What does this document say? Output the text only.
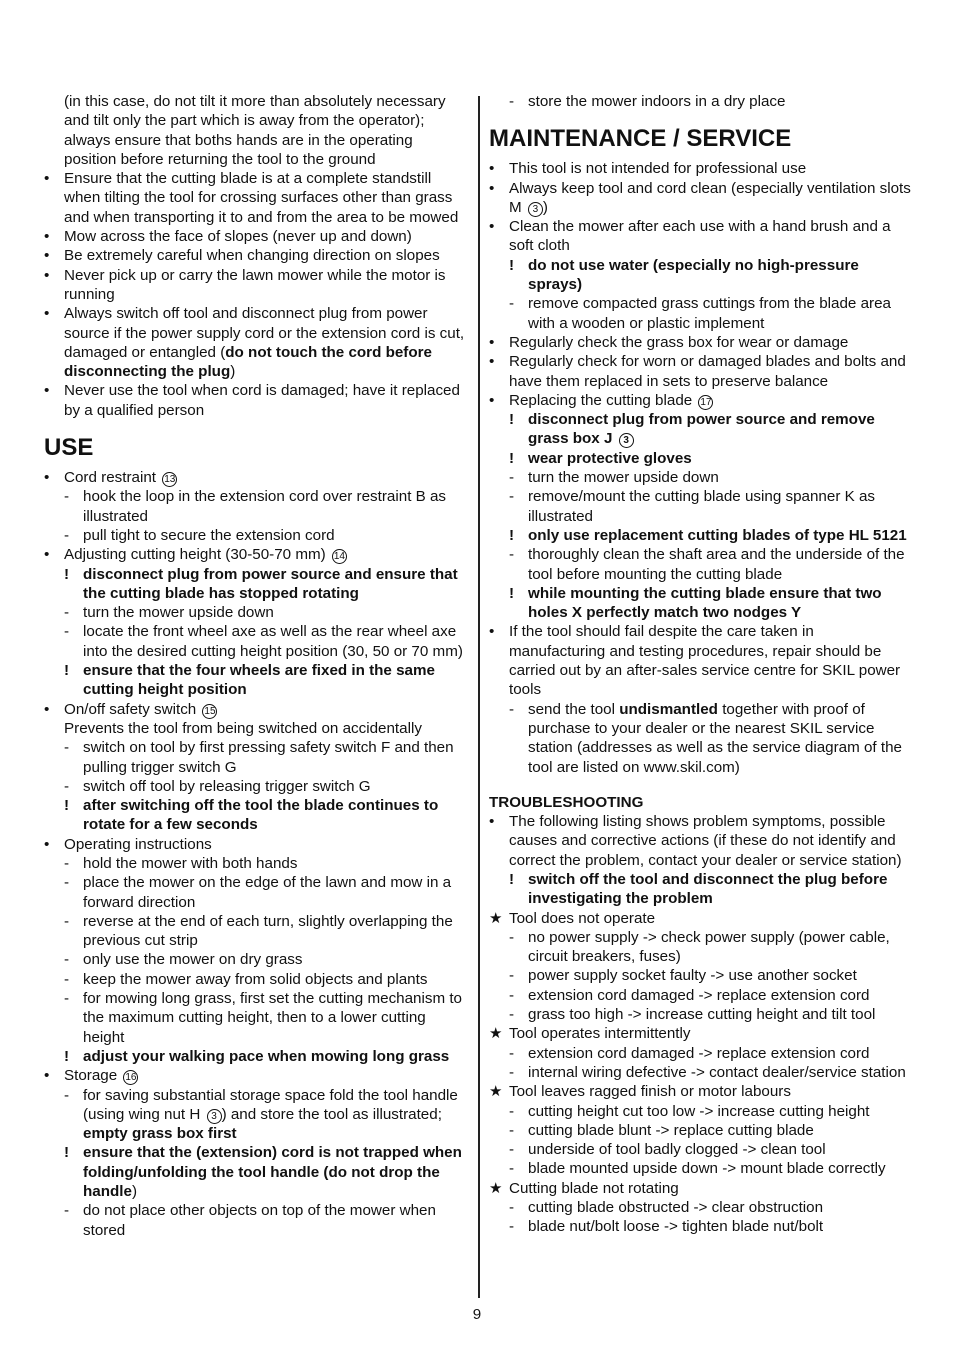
(in this case, do not tilt it more than absolutely necessary and tilt only the part which is away from the operator); always ensure that boths hands are in the operating position before returning the tool to the ground
• Ensure that the cutting blade is at a complete standstill when tilting the tool for crossing surfaces other than grass and when transporting it to and from the area to be mowed
• Mow across the face of slopes (never up and down)
• Be extremely careful when changing direction on slopes
• Never pick up or carry the lawn mower while the motor is running
• Always switch off tool and disconnect plug from power source if the power supply cord or the extension cord is cut, damaged or entangled (do not touch the cord before disconnecting the plug)
• Never use the tool when cord is damaged; have it replaced by a qualified person
USE
• Cord restraint 13
- hook the loop in the extension cord over restraint B as illustrated
- pull tight to secure the extension cord
• Adjusting cutting height (30-50-70 mm) 14
! disconnect plug from power source and ensure that the cutting blade has stopped rotating
- turn the mower upside down
- locate the front wheel axe as well as the rear wheel axe into the desired cutting height position (30, 50 or 70 mm)
! ensure that the four wheels are fixed in the same cutting height position
• On/off safety switch 15
Prevents the tool from being switched on accidentally
- switch on tool by first pressing safety switch F and then pulling trigger switch G
- switch off tool by releasing trigger switch G
! after switching off the tool the blade continues to rotate for a few seconds
• Operating instructions
- hold the mower with both hands
- place the mower on the edge of the lawn and mow in a forward direction
- reverse at the end of each turn, slightly overlapping the previous cut strip
- only use the mower on dry grass
- keep the mower away from solid objects and plants
- for mowing long grass, first set the cutting mechanism to the maximum cutting height, then to a lower cutting height
! adjust your walking pace when mowing long grass
• Storage 16
- for saving substantial storage space fold the tool handle (using wing nut H 3 ) and store the tool as illustrated; empty grass box first
! ensure that the (extension) cord is not trapped when folding/unfolding the tool handle (do not drop the handle)
- do not place other objects on top of the mower when stored
- store the mower indoors in a dry place
MAINTENANCE / SERVICE
• This tool is not intended for professional use
• Always keep tool and cord clean (especially ventilation slots M 3 )
• Clean the mower after each use with a hand brush and a soft cloth
! do not use water (especially no high-pressure sprays)
- remove compacted grass cuttings from the blade area with a wooden or plastic implement
• Regularly check the grass box for wear or damage
• Regularly check for worn or damaged blades and bolts and have them replaced in sets to preserve balance
• Replacing the cutting blade 17
! disconnect plug from power source and remove grass box J 3
! wear protective gloves
- turn the mower upside down
- remove/mount the cutting blade using spanner K as illustrated
! only use replacement cutting blades of type HL 5121
- thoroughly clean the shaft area and the underside of the tool before mounting the cutting blade
! while mounting the cutting blade ensure that two holes X perfectly match two nodges Y
• If the tool should fail despite the care taken in manufacturing and testing procedures, repair should be carried out by an after-sales service centre for SKIL power tools
- send the tool undismantled together with proof of purchase to your dealer or the nearest SKIL service station (addresses as well as the service diagram of the tool are listed on www.skil.com)
TROUBLESHOOTING
• The following listing shows problem symptoms, possible causes and corrective actions (if these do not identify and correct the problem, contact your dealer or service station)
! switch off the tool and disconnect the plug before investigating the problem
★ Tool does not operate
- no power supply -> check power supply (power cable, circuit breakers, fuses)
- power supply socket faulty -> use another socket
- extension cord damaged -> replace extension cord
- grass too high -> increase cutting height and tilt tool
★ Tool operates intermittently
- extension cord damaged -> replace extension cord
- internal wiring defective -> contact dealer/service station
★ Tool leaves ragged finish or motor labours
- cutting height cut too low -> increase cutting height
- cutting blade blunt -> replace cutting blade
- underside of tool badly clogged -> clean tool
- blade mounted upside down -> mount blade correctly
★ Cutting blade not rotating
- cutting blade obstructed -> clear obstruction
- blade nut/bolt loose -> tighten blade nut/bolt
9
